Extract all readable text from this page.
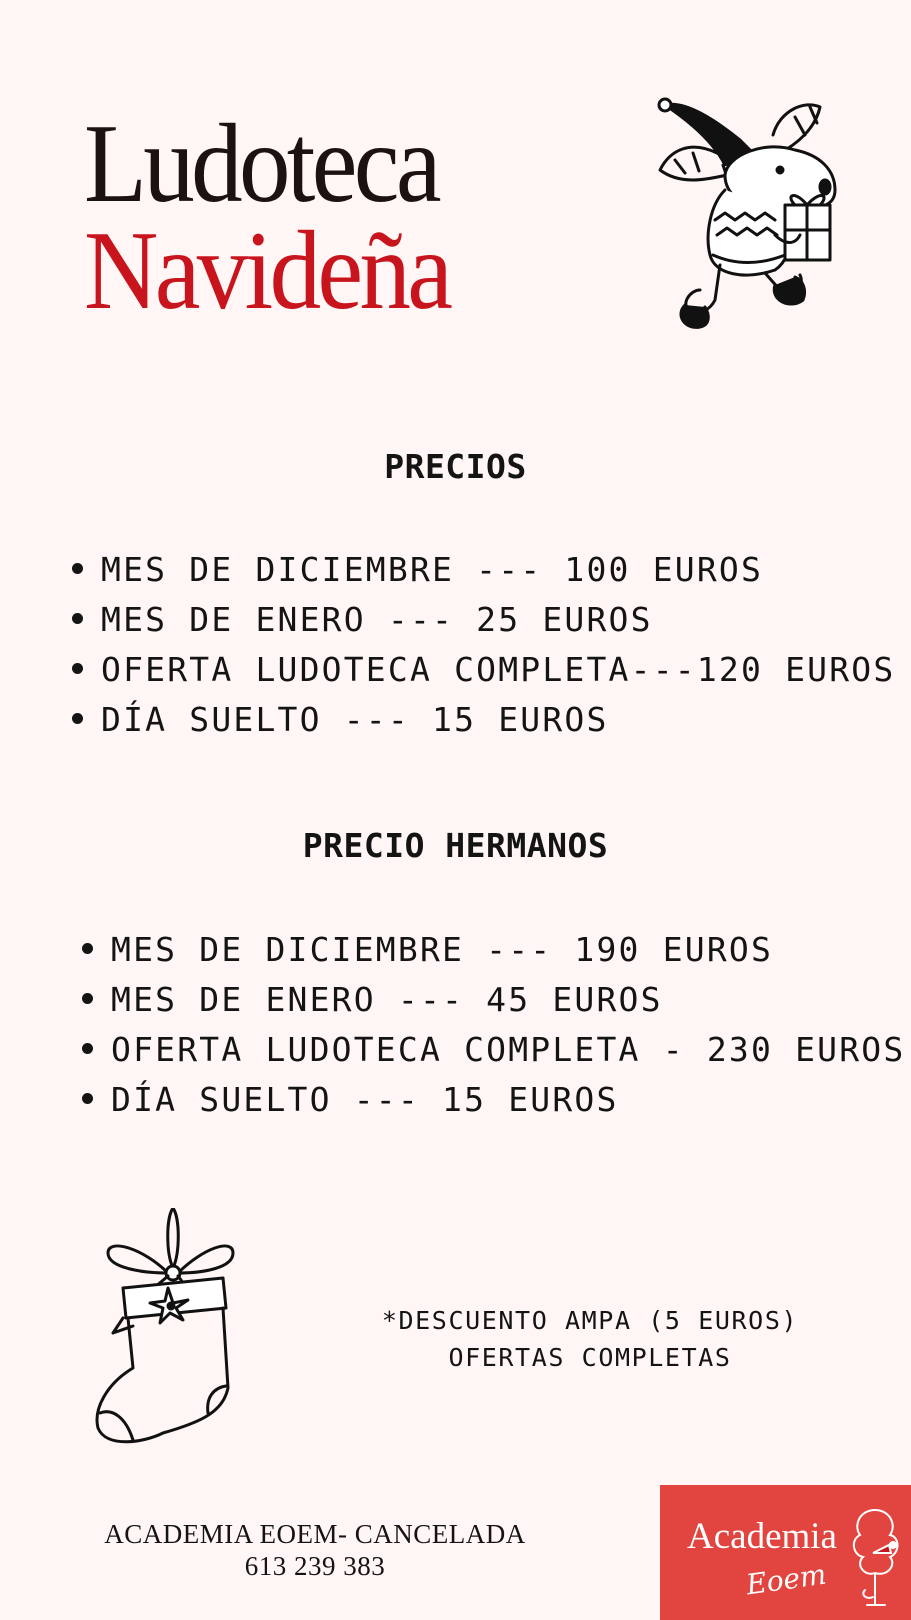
Ludoteca
Navideña
PRECIOS
MES DE DICIEMBRE --- 100 EUROS
MES DE ENERO --- 25 EUROS
OFERTA LUDOTECA COMPLETA---120 EUROS
DÍA SUELTO --- 15 EUROS
PRECIO HERMANOS
MES DE DICIEMBRE --- 190 EUROS
MES DE ENERO --- 45 EUROS
OFERTA LUDOTECA COMPLETA - 230 EUROS
DÍA SUELTO --- 15 EUROS
*DESCUENTO AMPA (5 EUROS)
OFERTAS COMPLETAS
ACADEMIA EOEM- CANCELADA
613 239 383
Academia
Eoem
